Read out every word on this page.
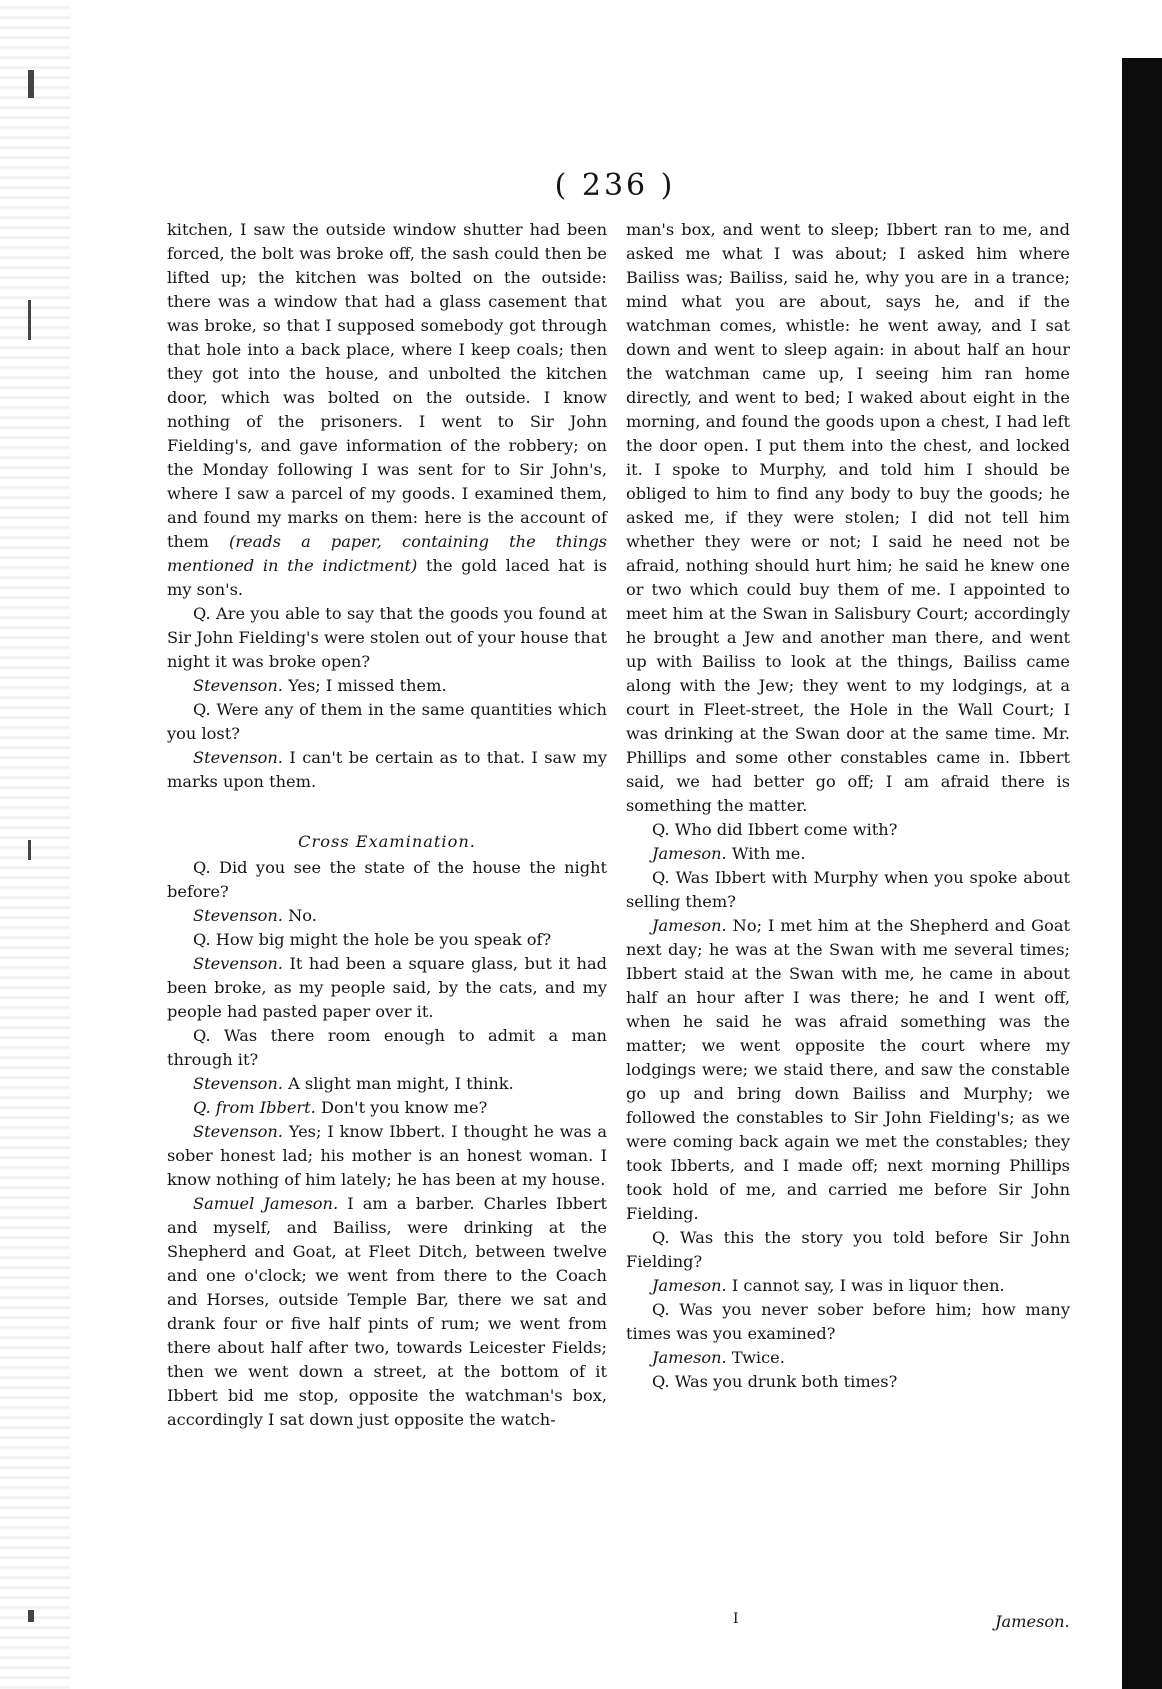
( 236 )

kitchen, I saw the outside window shutter had been forced, the bolt was broke off, the sash could then be lifted up; the kitchen was bolted on the outside: there was a window that had a glass casement that was broke, so that I supposed somebody got through that hole into a back place, where I keep coals; then they got into the house, and unbolted the kitchen door, which was bolted on the outside. I know nothing of the prisoners. I went to Sir John Fielding's, and gave information of the robbery; on the Monday following I was sent for to Sir John's, where I saw a parcel of my goods. I examined them, and found my marks on them: here is the account of them (reads a paper, containing the things mentioned in the indictment) the gold laced hat is my son's.

Q. Are you able to say that the goods you found at Sir John Fielding's were stolen out of your house that night it was broke open?

Stevenson. Yes; I missed them.

Q. Were any of them in the same quantities which you lost?

Stevenson. I can't be certain as to that. I saw my marks upon them.

Cross Examination.

Q. Did you see the state of the house the night before?

Stevenson. No.

Q. How big might the hole be you speak of?

Stevenson. It had been a square glass, but it had been broke, as my people said, by the cats, and my people had pasted paper over it.

Q. Was there room enough to admit a man through it?

Stevenson. A slight man might, I think.

Q. from Ibbert. Don't you know me?

Stevenson. Yes; I know Ibbert. I thought he was a sober honest lad; his mother is an honest woman. I know nothing of him lately; he has been at my house.

Samuel Jameson. I am a barber. Charles Ibbert and myself, and Bailiss, were drinking at the Shepherd and Goat, at Fleet Ditch, between twelve and one o'clock; we went from there to the Coach and Horses, outside Temple Bar, there we sat and drank four or five half pints of rum; we went from there about half after two, towards Leicester Fields; then we went down a street, at the bottom of it Ibbert bid me stop, opposite the watchman's box, accordingly I sat down just opposite the watch-

man's box, and went to sleep; Ibbert ran to me, and asked me what I was about; I asked him where Bailiss was; Bailiss, said he, why you are in a trance; mind what you are about, says he, and if the watchman comes, whistle: he went away, and I sat down and went to sleep again: in about half an hour the watchman came up, I seeing him ran home directly, and went to bed; I waked about eight in the morning, and found the goods upon a chest, I had left the door open. I put them into the chest, and locked it. I spoke to Murphy, and told him I should be obliged to him to find any body to buy the goods; he asked me, if they were stolen; I did not tell him whether they were or not; I said he need not be afraid, nothing should hurt him; he said he knew one or two which could buy them of me. I appointed to meet him at the Swan in Salisbury Court; accordingly he brought a Jew and another man there, and went up with Bailiss to look at the things, Bailiss came along with the Jew; they went to my lodgings, at a court in Fleet-street, the Hole in the Wall Court; I was drinking at the Swan door at the same time. Mr. Phillips and some other constables came in. Ibbert said, we had better go off; I am afraid there is something the matter.

Q. Who did Ibbert come with?

Jameson. With me.

Q. Was Ibbert with Murphy when you spoke about selling them?

Jameson. No; I met him at the Shepherd and Goat next day; he was at the Swan with me several times; Ibbert staid at the Swan with me, he came in about half an hour after I was there; he and I went off, when he said he was afraid something was the matter; we went opposite the court where my lodgings were; we staid there, and saw the constable go up and bring down Bailiss and Murphy; we followed the constables to Sir John Fielding's; as we were coming back again we met the constables; they took Ibberts, and I made off; next morning Phillips took hold of me, and carried me before Sir John Fielding.

Q. Was this the story you told before Sir John Fielding?

Jameson. I cannot say, I was in liquor then.

Q. Was you never sober before him; how many times was you examined?

Jameson. Twice.

Q. Was you drunk both times?

I	Jameson.
